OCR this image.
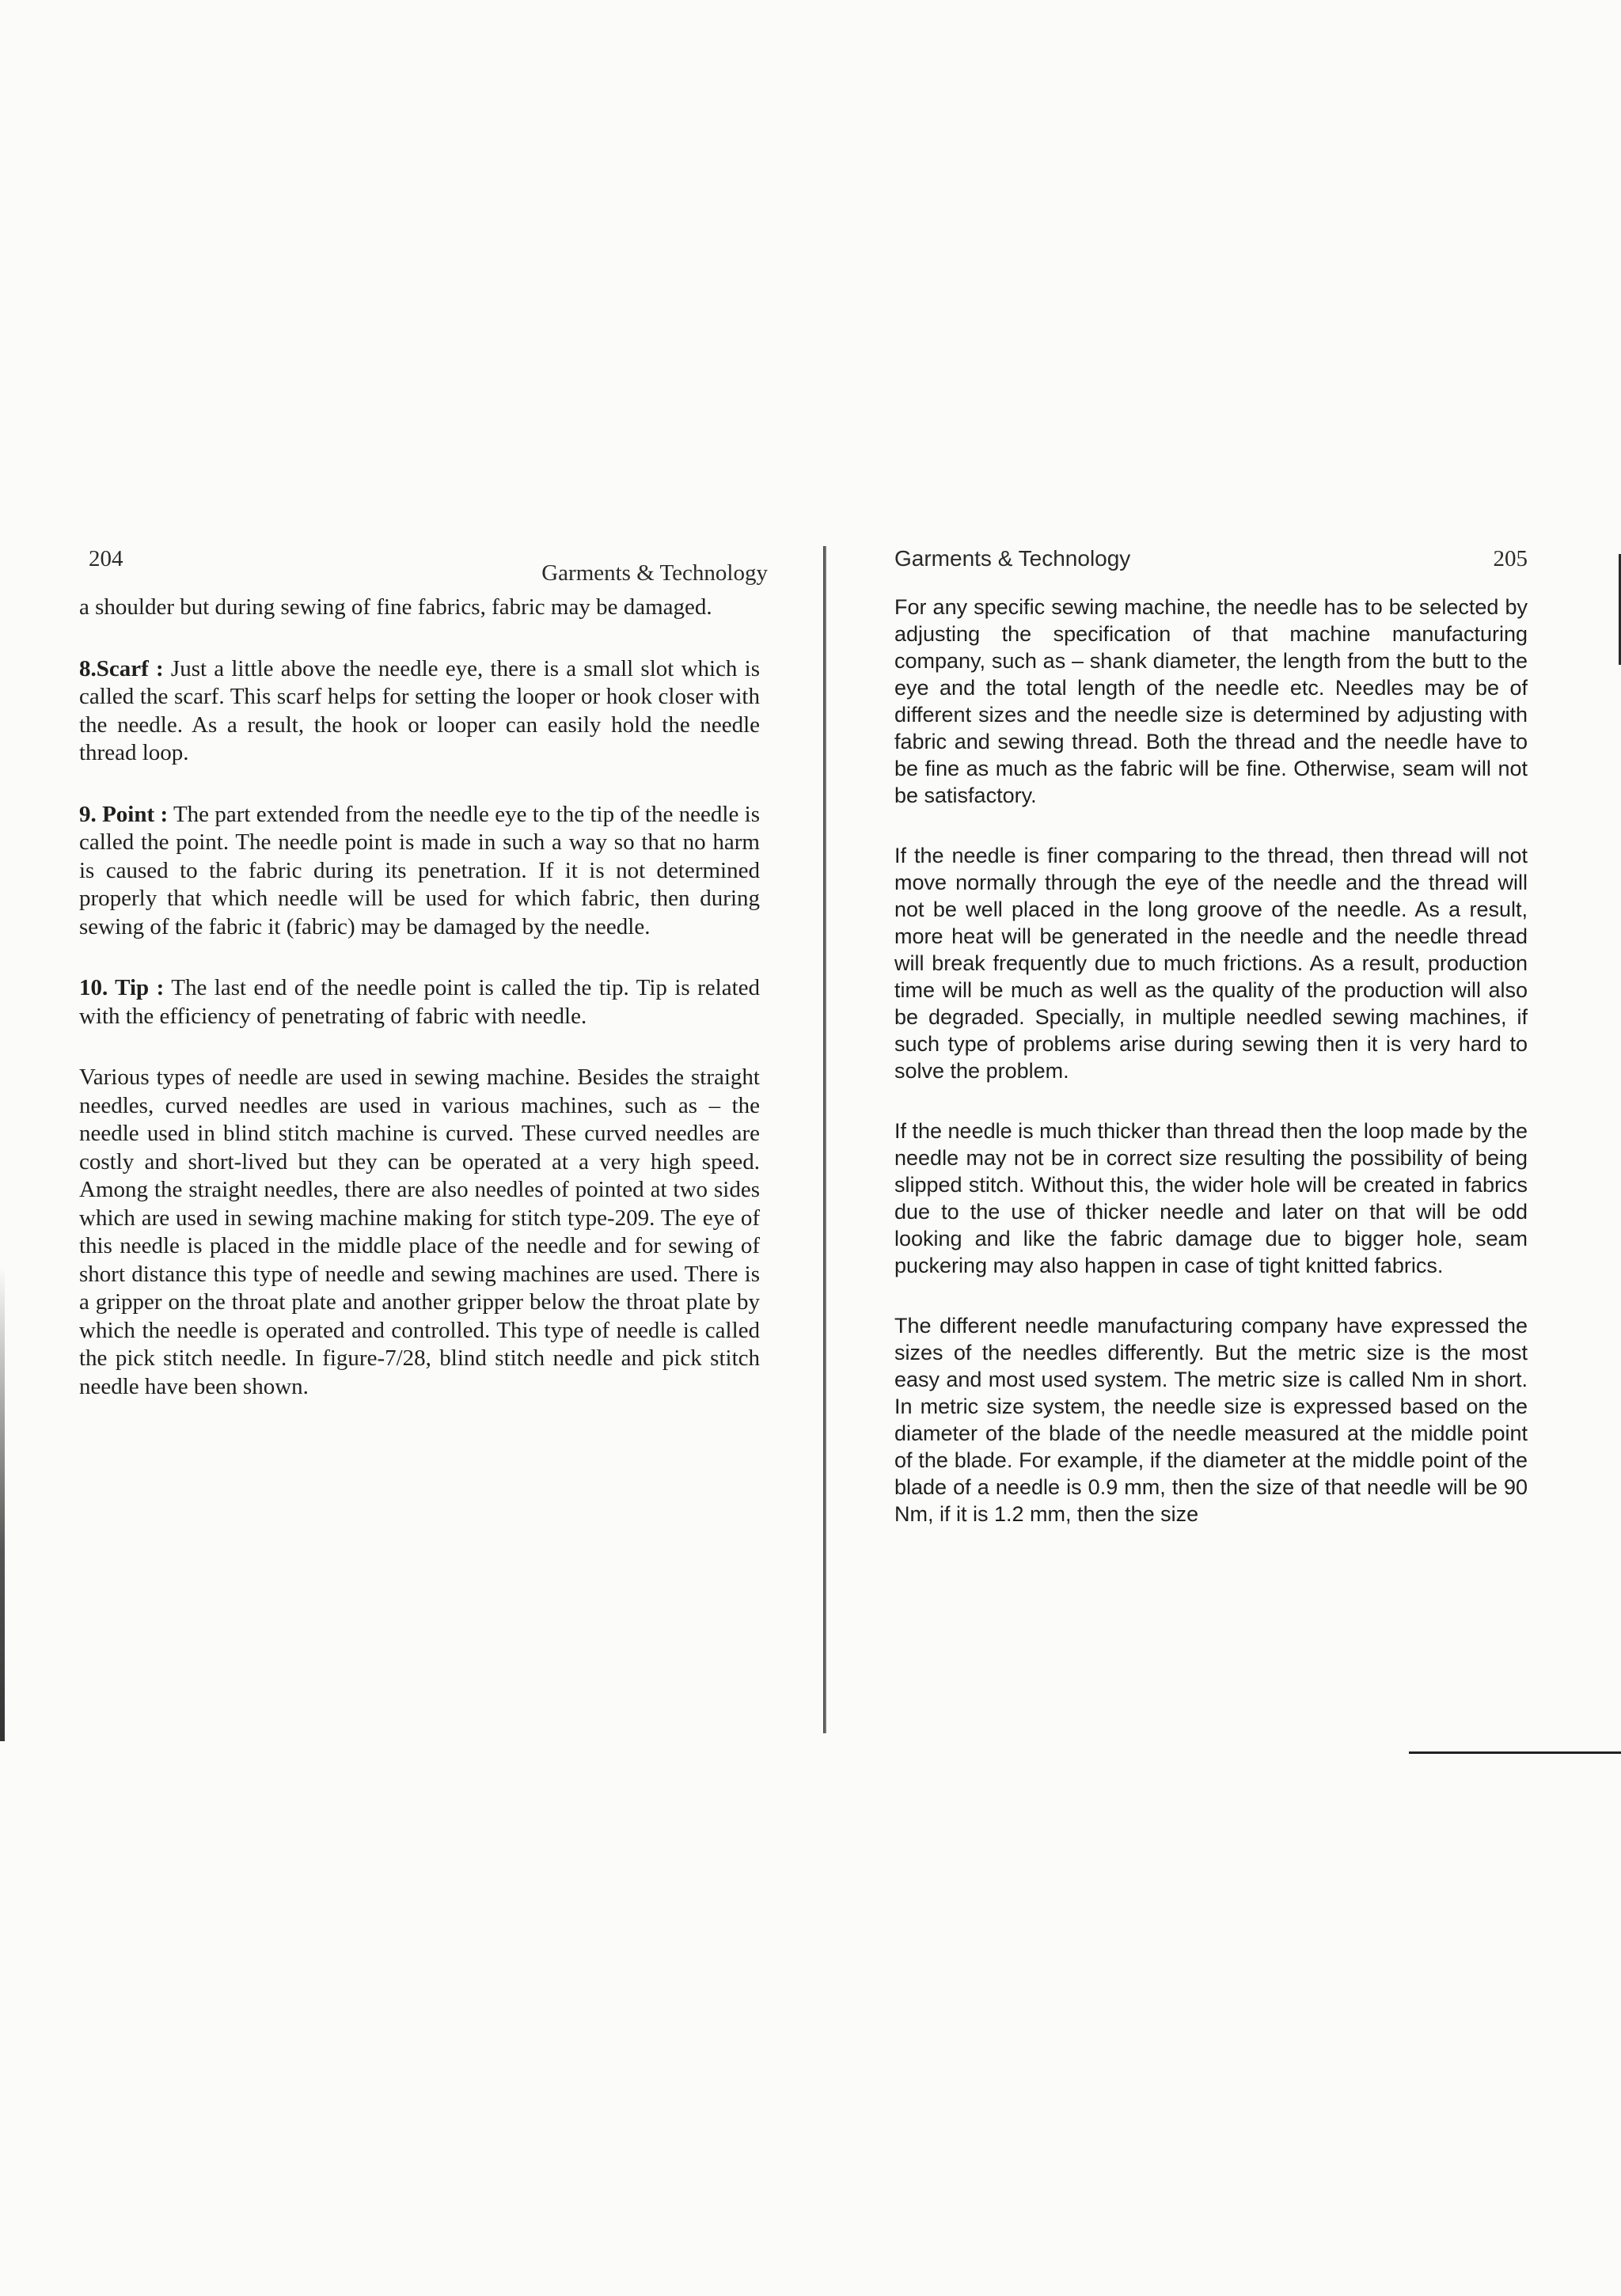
204
Garments & Technology

a shoulder but during sewing of fine fabrics, fabric may be damaged.

8.Scarf : Just a little above the needle eye, there is a small slot which is called the scarf. This scarf helps for setting the looper or hook closer with the needle. As a result, the hook or looper can easily hold the needle thread loop.

9. Point : The part extended from the needle eye to the tip of the needle is called the point. The needle point is made in such a way so that no harm is caused to the fabric during its penetration. If it is not determined properly that which needle will be used for which fabric, then during sewing of the fabric it (fabric) may be damaged by the needle.

10. Tip : The last end of the needle point is called the tip. Tip is related with the efficiency of penetrating of fabric with needle.

Various types of needle are used in sewing machine. Besides the straight needles, curved needles are used in various machines, such as – the needle used in blind stitch machine is curved. These curved needles are costly and short-lived but they can be operated at a very high speed. Among the straight needles, there are also needles of pointed at two sides which are used in sewing machine making for stitch type-209. The eye of this needle is placed in the middle place of the needle and for sewing of short distance this type of needle and sewing machines are used. There is a gripper on the throat plate and another gripper below the throat plate by which the needle is operated and controlled. This type of needle is called the pick stitch needle. In figure-7/28, blind stitch needle and pick stitch needle have been shown.

Garments & Technology	205

For any specific sewing machine, the needle has to be selected by adjusting the specification of that machine manufacturing company, such as – shank diameter, the length from the butt to the eye and the total length of the needle etc. Needles may be of different sizes and the needle size is determined by adjusting with fabric and sewing thread. Both the thread and the needle have to be fine as much as the fabric will be fine. Otherwise, seam will not be satisfactory.

If the needle is finer comparing to the thread, then thread will not move normally through the eye of the needle and the thread will not be well placed in the long groove of the needle. As a result, more heat will be generated in the needle and the needle thread will break frequently due to much frictions. As a result, production time will be much as well as the quality of the production will also be degraded. Specially, in multiple needled sewing machines, if such type of problems arise during sewing then it is very hard to solve the problem.

If the needle is much thicker than thread then the loop made by the needle may not be in correct size resulting the possibility of being slipped stitch. Without this, the wider hole will be created in fabrics due to the use of thicker needle and later on that will be odd looking and like the fabric damage due to bigger hole, seam puckering may also happen in case of tight knitted fabrics.

The different needle manufacturing company have expressed the sizes of the needles differently. But the metric size is the most easy and most used system. The metric size is called Nm in short. In metric size system, the needle size is expressed based on the diameter of the blade of the needle measured at the middle point of the blade. For example, if the diameter at the middle point of the blade of a needle is 0.9 mm, then the size of that needle will be 90 Nm, if it is 1.2 mm, then the size
